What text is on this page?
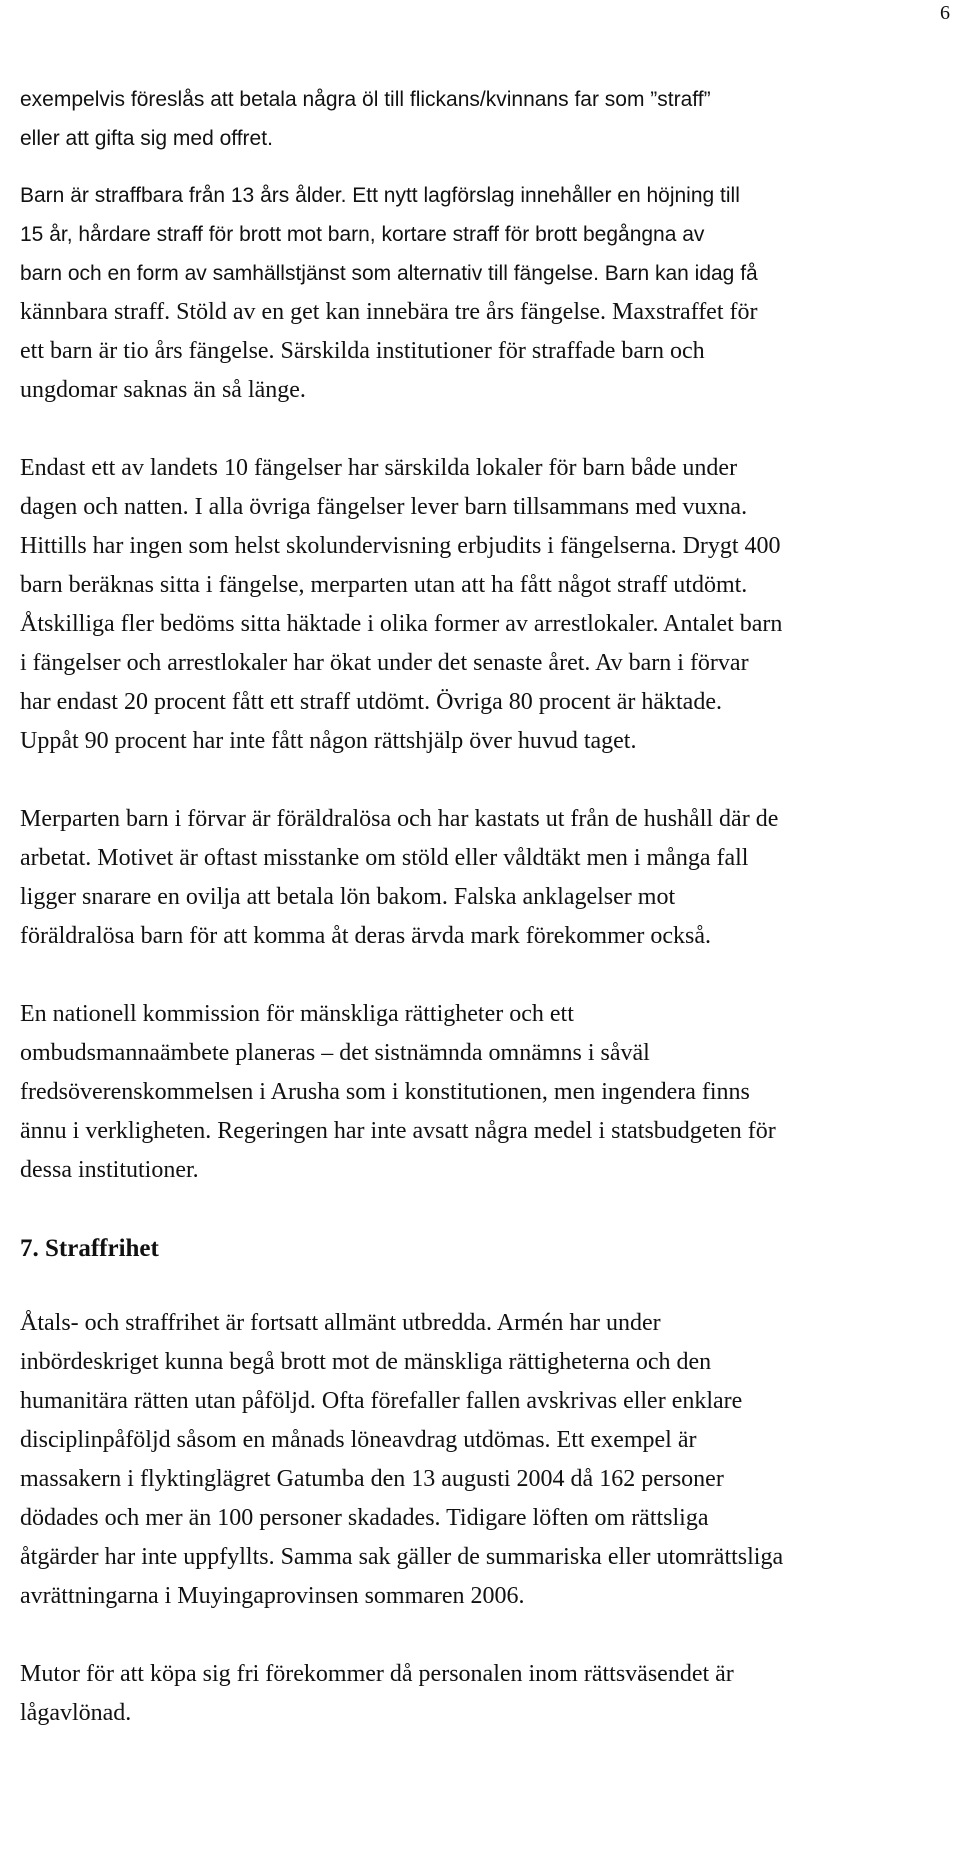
6
exempelvis föreslås att betala några öl till flickans/kvinnans far som ”straff”
eller att gifta sig med offret.
Barn är straffbara från 13 års ålder. Ett nytt lagförslag innehåller en höjning till
15 år, hårdare straff för brott mot barn, kortare straff för brott begångna av
barn och en form av samhällstjänst som alternativ till fängelse. Barn kan idag få
kännbara straff. Stöld av en get kan innebära tre års fängelse. Maxstraffet för
ett barn är tio års fängelse. Särskilda institutioner för straffade barn och
ungdomar saknas än så länge.
Endast ett av landets 10 fängelser har särskilda lokaler för barn både under
dagen och natten. I alla övriga fängelser lever barn tillsammans med vuxna.
Hittills har ingen som helst skolundervisning erbjudits i fängelserna. Drygt 400
barn beräknas sitta i fängelse, merparten utan att ha fått något straff utdömt.
Åtskilliga fler bedöms sitta häktade i olika former av arrestlokaler. Antalet barn
i fängelser och arrestlokaler har ökat under det senaste året. Av barn i förvar
har endast 20 procent fått ett straff utdömt. Övriga 80 procent är häktade.
Uppåt 90 procent har inte fått någon rättshjälp över huvud taget.
Merparten barn i förvar är föräldralösa och har kastats ut från de hushåll där de
arbetat. Motivet är oftast misstanke om stöld eller våldtäkt men i många fall
ligger snarare en ovilja att betala lön bakom. Falska anklagelser mot
föräldralösa barn för att komma åt deras ärvda mark förekommer också.
En nationell kommission för mänskliga rättigheter och ett
ombudsmannaämbete planeras – det sistnämnda omnämns i såväl
fredsöverenskommelsen i Arusha som i konstitutionen, men ingendera finns
ännu i verkligheten. Regeringen har inte avsatt några medel i statsbudgeten för
dessa institutioner.
7. Straffrihet
Åtals- och straffrihet är fortsatt allmänt utbredda. Armén har under
inbördeskriget kunna begå brott mot de mänskliga rättigheterna och den
humanitära rätten utan påföljd. Ofta förefaller fallen avskrivas eller enklare
disciplinpåföljd såsom en månads löneavdrag utdömas. Ett exempel är
massakern i flyktinglägret Gatumba den 13 augusti 2004 då 162 personer
dödades och mer än 100 personer skadades. Tidigare löften om rättsliga
åtgärder har inte uppfyllts. Samma sak gäller de summariska eller utomrättsliga
avrättningarna i Muyingaprovinsen sommaren 2006.
Mutor för att köpa sig fri förekommer då personalen inom rättsväsendet är
lågavlönad.
